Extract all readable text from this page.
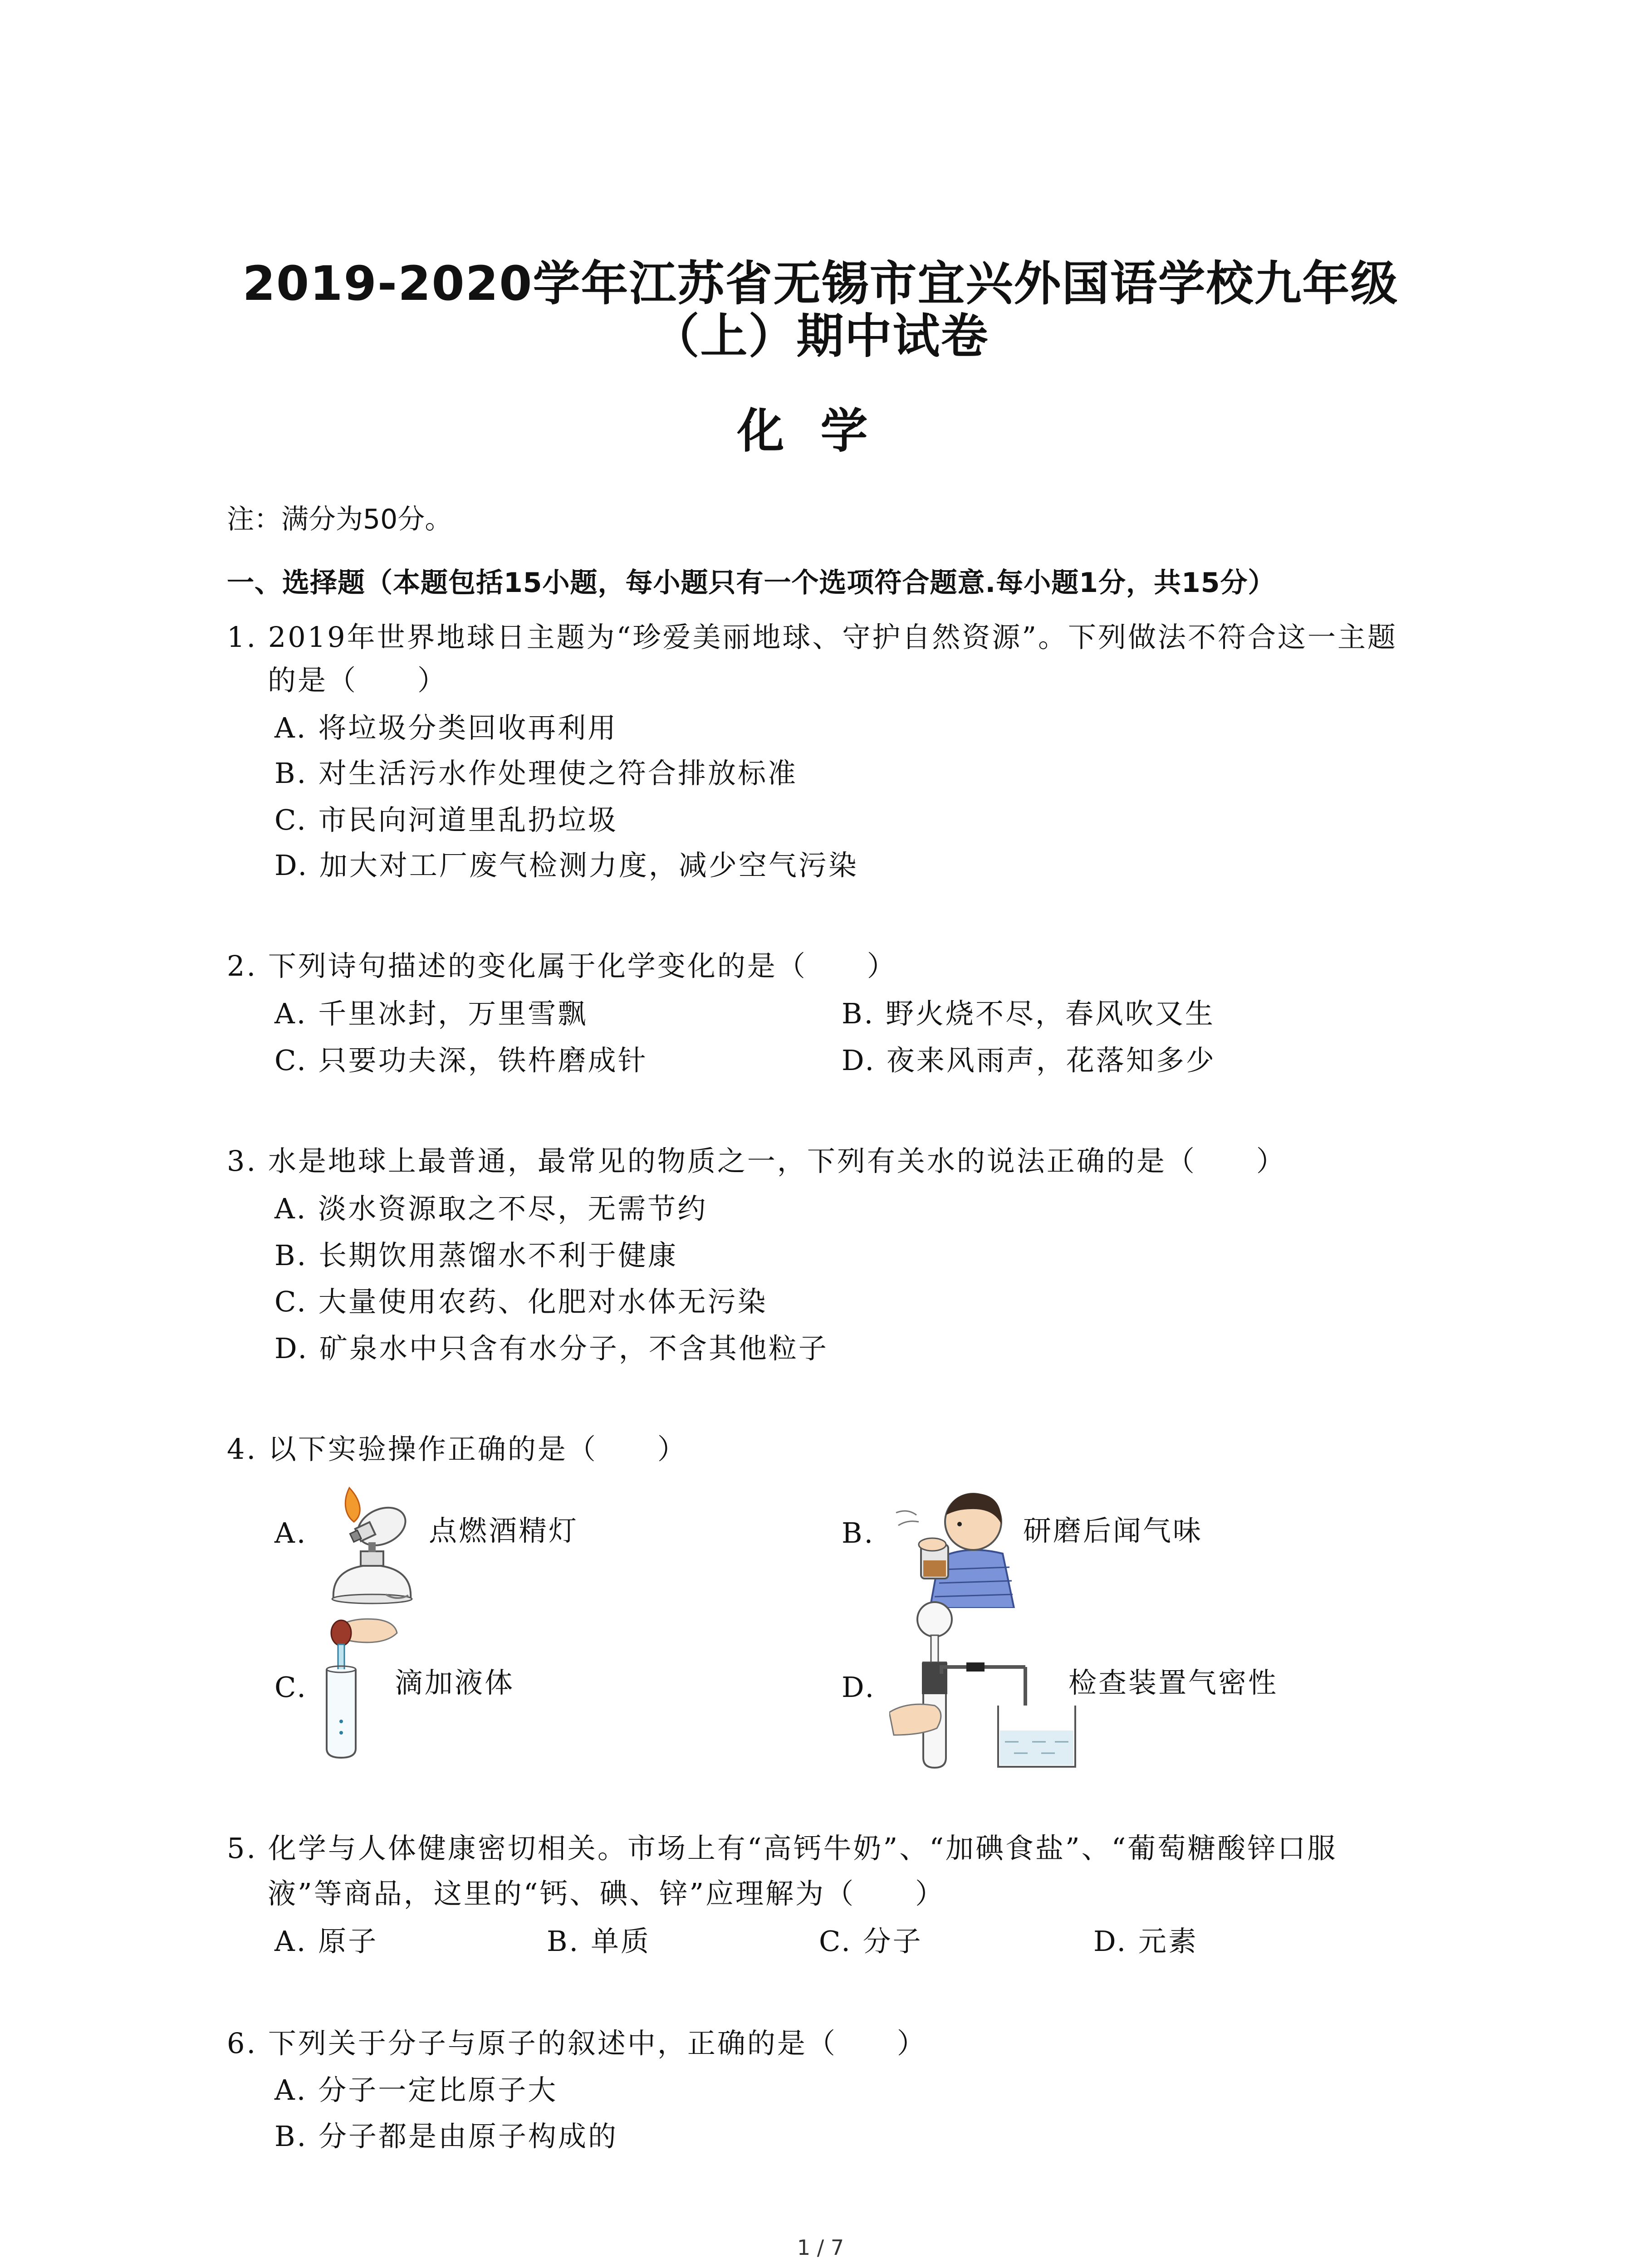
2019-2020学年江苏省无锡市宜兴外国语学校九年级
（上）期中试卷
化学
注：满分为50分。
一、选择题（本题包括15小题，每小题只有一个选项符合题意.每小题1分，共15分）
1. 2019年世界地球日主题为“珍爱美丽地球、守护自然资源”。下列做法不符合这一主题
的是（　　）
A. 将垃圾分类回收再利用
B. 对生活污水作处理使之符合排放标准
C. 市民向河道里乱扔垃圾
D. 加大对工厂废气检测力度，减少空气污染
2. 下列诗句描述的变化属于化学变化的是（　　）
A. 千里冰封，万里雪飘	B. 野火烧不尽，春风吹又生
C. 只要功夫深，铁杵磨成针	D. 夜来风雨声，花落知多少
3. 水是地球上最普通，最常见的物质之一，下列有关水的说法正确的是（　　）
A. 淡水资源取之不尽，无需节约
B. 长期饮用蒸馏水不利于健康
C. 大量使用农药、化肥对水体无污染
D. 矿泉水中只含有水分子，不含其他粒子
4. 以下实验操作正确的是（　　）
A.	点燃酒精灯	B.	研磨后闻气味
C.	滴加液体	D.	检查装置气密性
5. 化学与人体健康密切相关。市场上有“高钙牛奶”、“加碘食盐”、“葡萄糖酸锌口服
液”等商品，这里的“钙、碘、锌”应理解为（　　）
A. 原子	B. 单质	C. 分子	D. 元素
6. 下列关于分子与原子的叙述中，正确的是（　　）
A. 分子一定比原子大
B. 分子都是由原子构成的
1 / 7
